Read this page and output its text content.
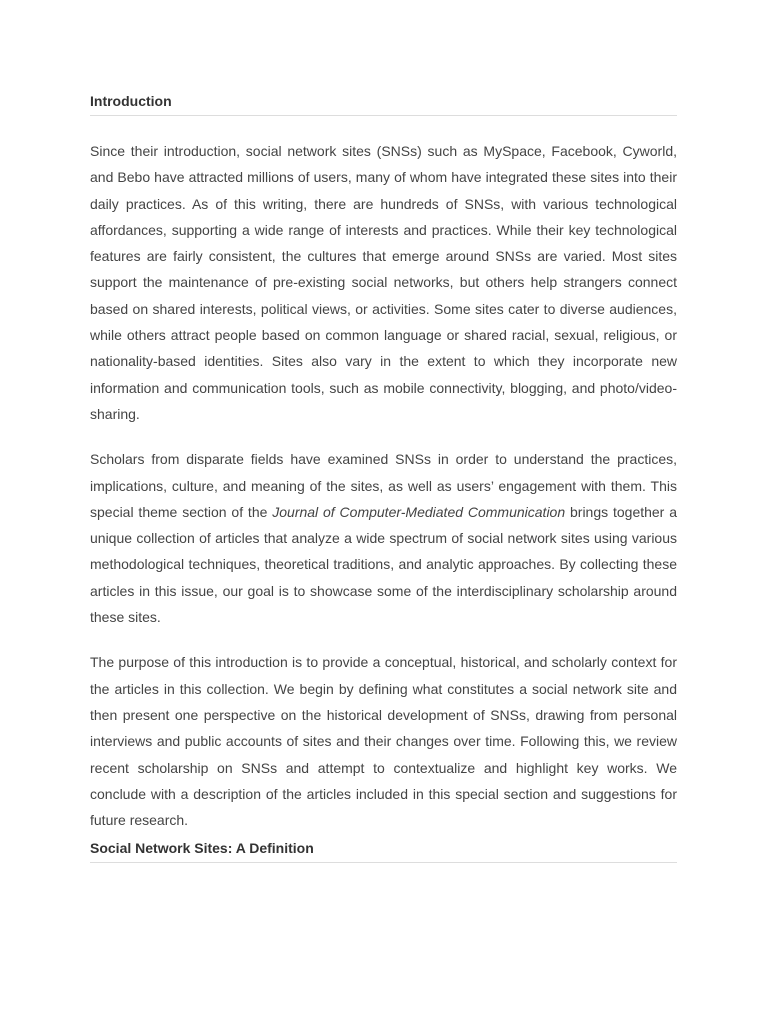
Introduction

Since their introduction, social network sites (SNSs) such as MySpace, Facebook, Cyworld, and Bebo have attracted millions of users, many of whom have integrated these sites into their daily practices. As of this writing, there are hundreds of SNSs, with various technological affordances, supporting a wide range of interests and practices. While their key technological features are fairly consistent, the cultures that emerge around SNSs are varied. Most sites support the maintenance of pre-existing social networks, but others help strangers connect based on shared interests, political views, or activities. Some sites cater to diverse audiences, while others attract people based on common language or shared racial, sexual, religious, or nationality-based identities. Sites also vary in the extent to which they incorporate new information and communication tools, such as mobile connectivity, blogging, and photo/video-sharing.

Scholars from disparate fields have examined SNSs in order to understand the practices, implications, culture, and meaning of the sites, as well as users’ engagement with them. This special theme section of the Journal of Computer-Mediated Communication brings together a unique collection of articles that analyze a wide spectrum of social network sites using various methodological techniques, theoretical traditions, and analytic approaches. By collecting these articles in this issue, our goal is to showcase some of the interdisciplinary scholarship around these sites.

The purpose of this introduction is to provide a conceptual, historical, and scholarly context for the articles in this collection. We begin by defining what constitutes a social network site and then present one perspective on the historical development of SNSs, drawing from personal interviews and public accounts of sites and their changes over time. Following this, we review recent scholarship on SNSs and attempt to contextualize and highlight key works. We conclude with a description of the articles included in this special section and suggestions for future research.

Social Network Sites: A Definition
